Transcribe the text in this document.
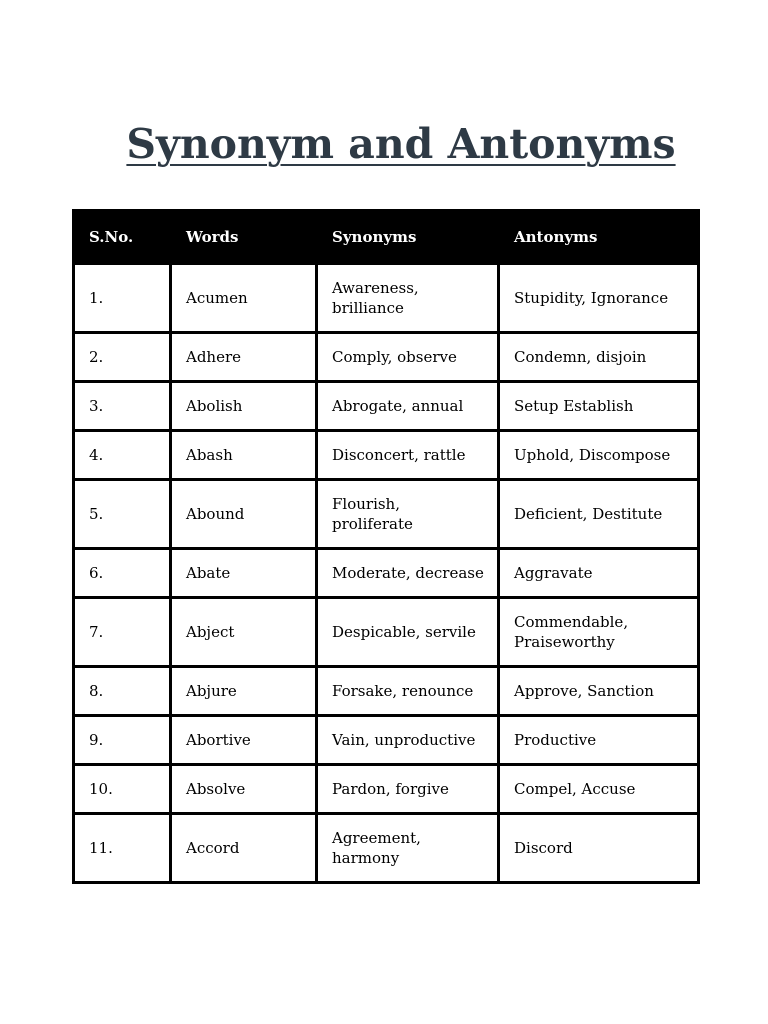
Synonym and Antonyms
S.No.	Words	Synonyms	Antonyms
1.	Acumen	Awareness, brilliance	Stupidity, Ignorance
2.	Adhere	Comply, observe	Condemn, disjoin
3.	Abolish	Abrogate, annual	Setup Establish
4.	Abash	Disconcert, rattle	Uphold, Discompose
5.	Abound	Flourish, proliferate	Deficient, Destitute
6.	Abate	Moderate, decrease	Aggravate
7.	Abject	Despicable, servile	Commendable, Praiseworthy
8.	Abjure	Forsake, renounce	Approve, Sanction
9.	Abortive	Vain, unproductive	Productive
10.	Absolve	Pardon, forgive	Compel, Accuse
11.	Accord	Agreement, harmony	Discord
